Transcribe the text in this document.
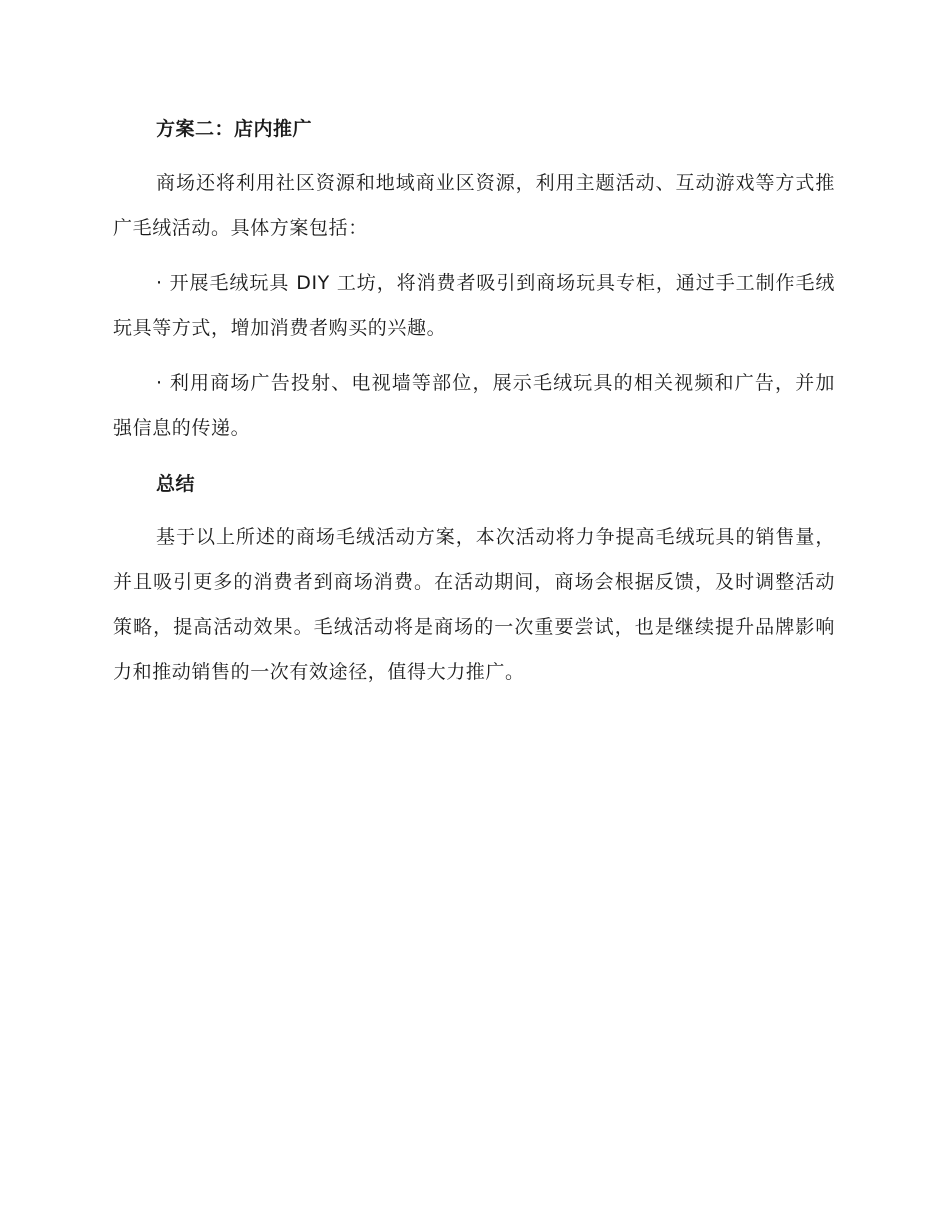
方案二：店内推广

商场还将利用社区资源和地域商业区资源，利用主题活动、互动游戏等方式推广毛绒活动。具体方案包括：

· 开展毛绒玩具 DIY 工坊，将消费者吸引到商场玩具专柜，通过手工制作毛绒玩具等方式，增加消费者购买的兴趣。

· 利用商场广告投射、电视墙等部位，展示毛绒玩具的相关视频和广告，并加强信息的传递。

总结

基于以上所述的商场毛绒活动方案，本次活动将力争提高毛绒玩具的销售量，并且吸引更多的消费者到商场消费。在活动期间，商场会根据反馈，及时调整活动策略，提高活动效果。毛绒活动将是商场的一次重要尝试，也是继续提升品牌影响力和推动销售的一次有效途径，值得大力推广。
